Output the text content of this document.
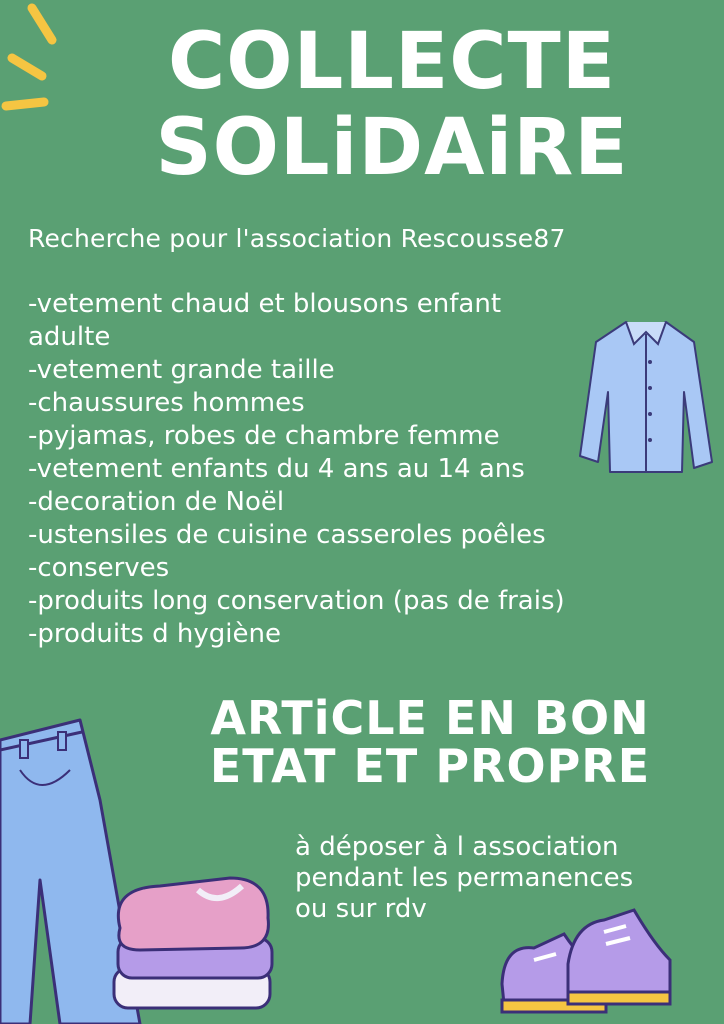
COLLECTE
SOLiDAiRE
Recherche pour l'association Rescousse87
-vetement chaud et blousons enfant
adulte
-vetement grande taille
-chaussures hommes
-pyjamas, robes de chambre femme
-vetement enfants du 4 ans au 14 ans
-decoration de Noël
-ustensiles de cuisine casseroles poêles
-conserves
-produits long conservation (pas de frais)
-produits d hygiène
ARTiCLE EN BON
ETAT ET PROPRE
à déposer à l association
pendant les permanences
ou sur rdv
